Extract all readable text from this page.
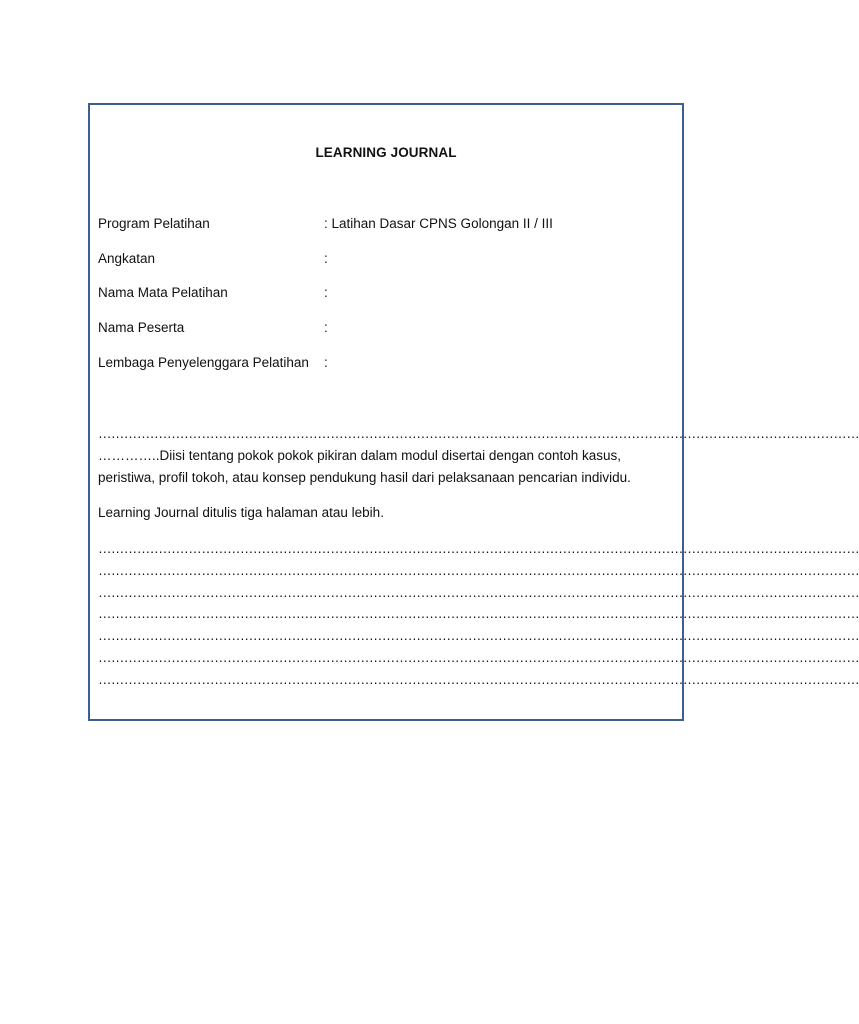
LEARNING JOURNAL
Program Pelatihan	: Latihan Dasar CPNS Golongan II / III
Angkatan	:
Nama Mata Pelatihan	:
Nama Peserta	:
Lembaga Penyelenggara Pelatihan :
……………………………………………………………………………………………………………………………………………………………

…………..Diisi tentang pokok pokok pikiran dalam modul disertai dengan contoh kasus, peristiwa, profil tokoh, atau konsep pendukung hasil dari pelaksanaan pencarian individu.

Learning Journal ditulis tiga halaman atau lebih.

……………………………………………………………………………………………………………………………………………………………
……………………………………………………………………………………………………………………………………………………………
……………………………………………………………………………………………………………………………………………………………
……………………………………………………………………………………………………………………………………………………………
……………………………………………………………………………………………………………………………………………………………
……………………………………………………………………………………………………………………………………………………………
……………………………………………………………………………………………………………………………………………………………
